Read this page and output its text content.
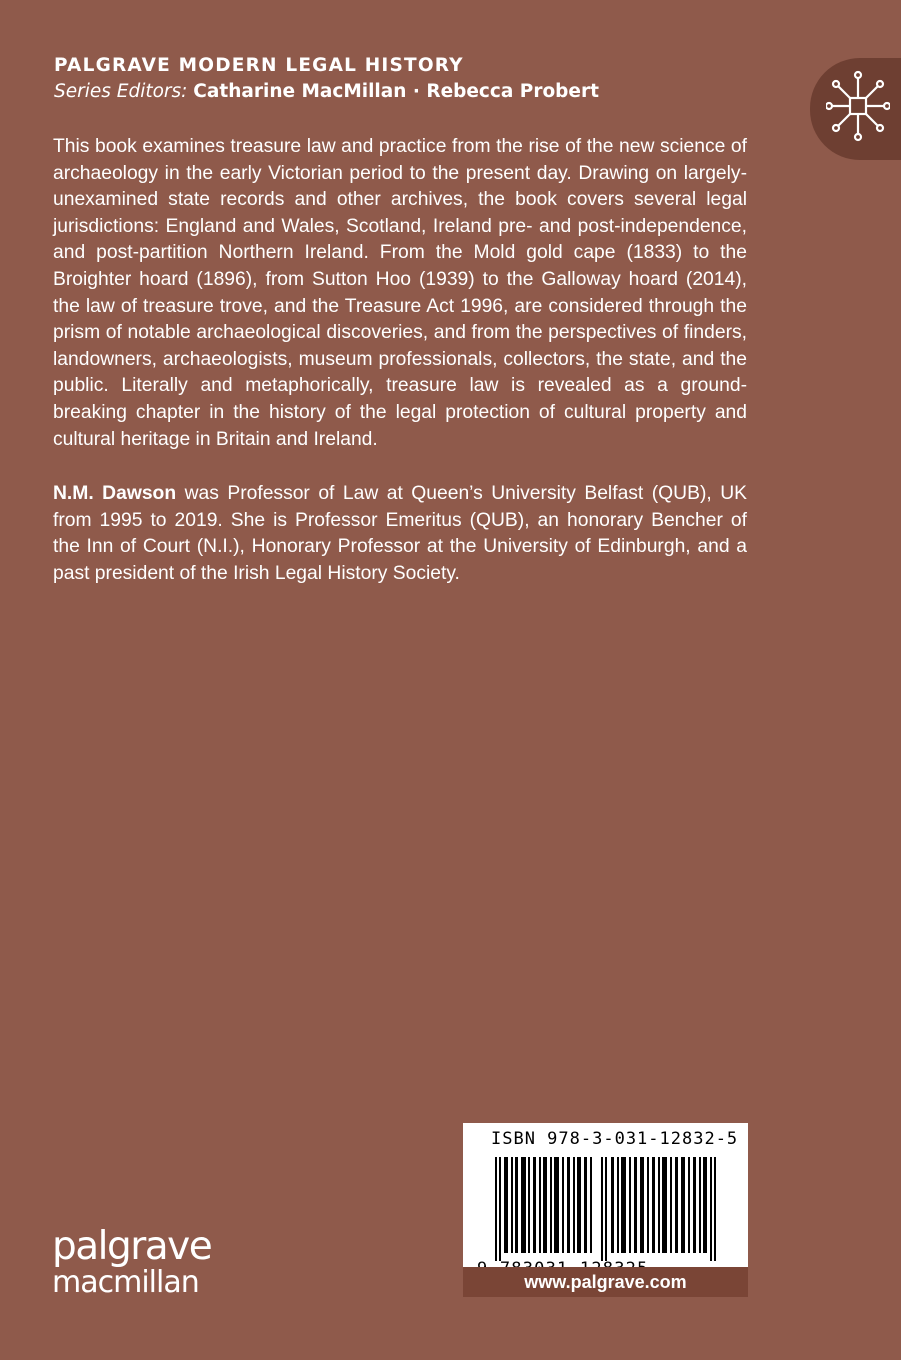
PALGRAVE MODERN LEGAL HISTORY
Series Editors: Catharine MacMillan · Rebecca Probert

This book examines treasure law and practice from the rise of the new science of archaeology in the early Victorian period to the present day. Drawing on largely-unexamined state records and other archives, the book covers several legal jurisdictions: England and Wales, Scotland, Ireland pre- and post-independence, and post-partition Northern Ireland. From the Mold gold cape (1833) to the Broighter hoard (1896), from Sutton Hoo (1939) to the Galloway hoard (2014), the law of treasure trove, and the Treasure Act 1996, are considered through the prism of notable archaeological discoveries, and from the perspectives of finders, landowners, archaeologists, museum professionals, collectors, the state, and the public. Literally and metaphorically, treasure law is revealed as a ground-breaking chapter in the history of the legal protection of cultural property and cultural heritage in Britain and Ireland.

N.M. Dawson was Professor of Law at Queen’s University Belfast (QUB), UK from 1995 to 2019. She is Professor Emeritus (QUB), an honorary Bencher of the Inn of Court (N.I.), Honorary Professor at the University of Edinburgh, and a past president of the Irish Legal History Society.

palgrave
macmillan
ISBN 978-3-031-12832-5
www.palgrave.com
